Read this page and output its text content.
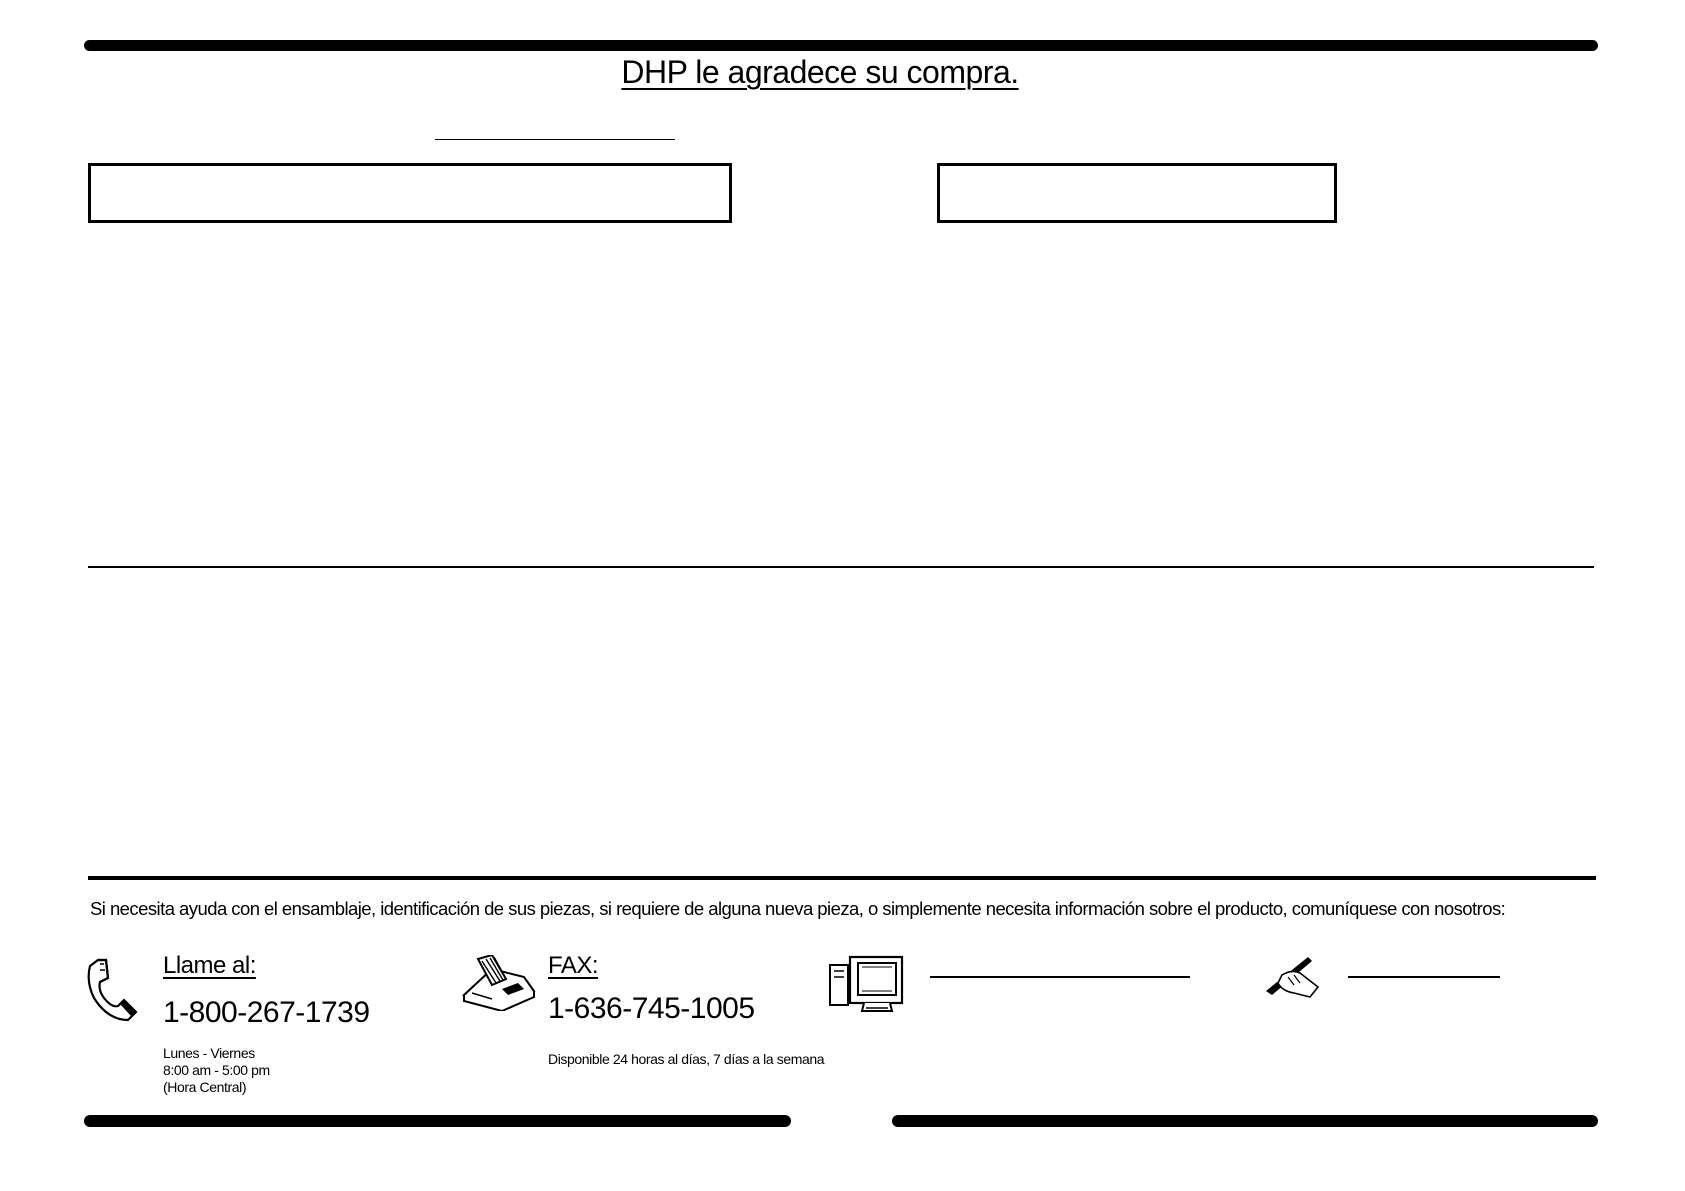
DHP le agradece su compra.
Si necesita ayuda con el ensamblaje, identificación de sus piezas, si requiere de alguna nueva pieza, o simplemente necesita información sobre el producto, comuníquese con nosotros:
Llame al:
1-800-267-1739
Lunes - Viernes
8:00 am - 5:00 pm
(Hora Central)
FAX:
1-636-745-1005
Disponible 24 horas al días, 7 días a la semana
